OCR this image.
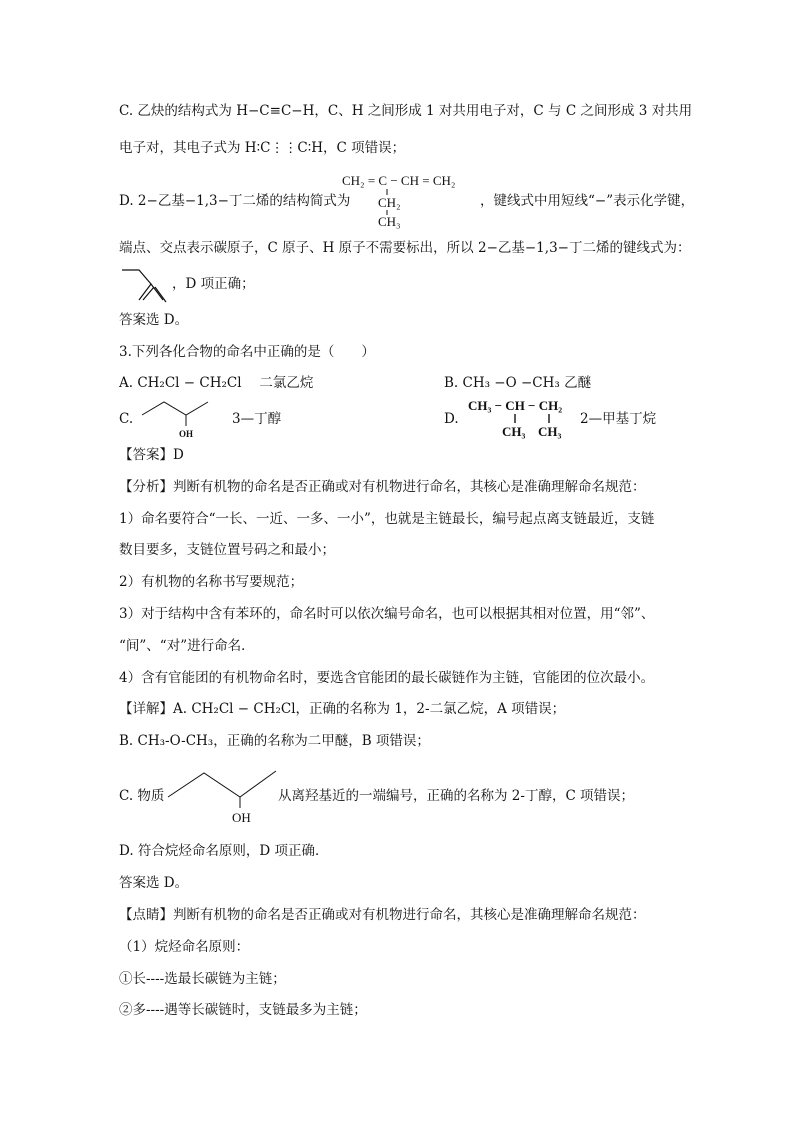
C. 乙炔的结构式为 H−C≡C−H，C、H 之间形成 1 对共用电子对，C 与 C 之间形成 3 对共用
电子对，其电子式为 H∶C⋮⋮C∶H，C 项错误；
D. 2−乙基−1,3−丁二烯的结构简式为
CH₂ = C − CH = CH₂
CH₂
CH₃
，键线式中用短线“−”表示化学键，
端点、交点表示碳原子，C 原子、H 原子不需要标出，所以 2−乙基−1,3−丁二烯的键线式为：
，D 项正确；
答案选 D。
3.下列各化合物的命名中正确的是（　　）
A. CH₂Cl − CH₂Cl　 二氯乙烷	B. CH₃ −O −CH₃ 乙醚
C.
OH
3—丁醇	D.
CH₃ − CH − CH₂
CH₃ CH₃
2—甲基丁烷
【答案】D
【分析】判断有机物的命名是否正确或对有机物进行命名，其核心是准确理解命名规范：
1）命名要符合“一长、一近、一多、一小”，也就是主链最长，编号起点离支链最近，支链
数目要多，支链位置号码之和最小；
2）有机物的名称书写要规范；
3）对于结构中含有苯环的，命名时可以依次编号命名，也可以根据其相对位置，用“邻”、
“间”、“对”进行命名．
4）含有官能团的有机物命名时，要选含官能团的最长碳链作为主链，官能团的位次最小。
【详解】A. CH₂Cl − CH₂Cl，正确的名称为 1，2-二氯乙烷，A 项错误；
B. CH₃-O-CH₃，正确的名称为二甲醚，B 项错误；
C. 物质
OH
从离羟基近的一端编号，正确的名称为 2-丁醇，C 项错误；
D. 符合烷烃命名原则，D 项正确．
答案选 D。
【点睛】判断有机物的命名是否正确或对有机物进行命名，其核心是准确理解命名规范：
（1）烷烃命名原则：
①长----选最长碳链为主链；
②多----遇等长碳链时，支链最多为主链；
